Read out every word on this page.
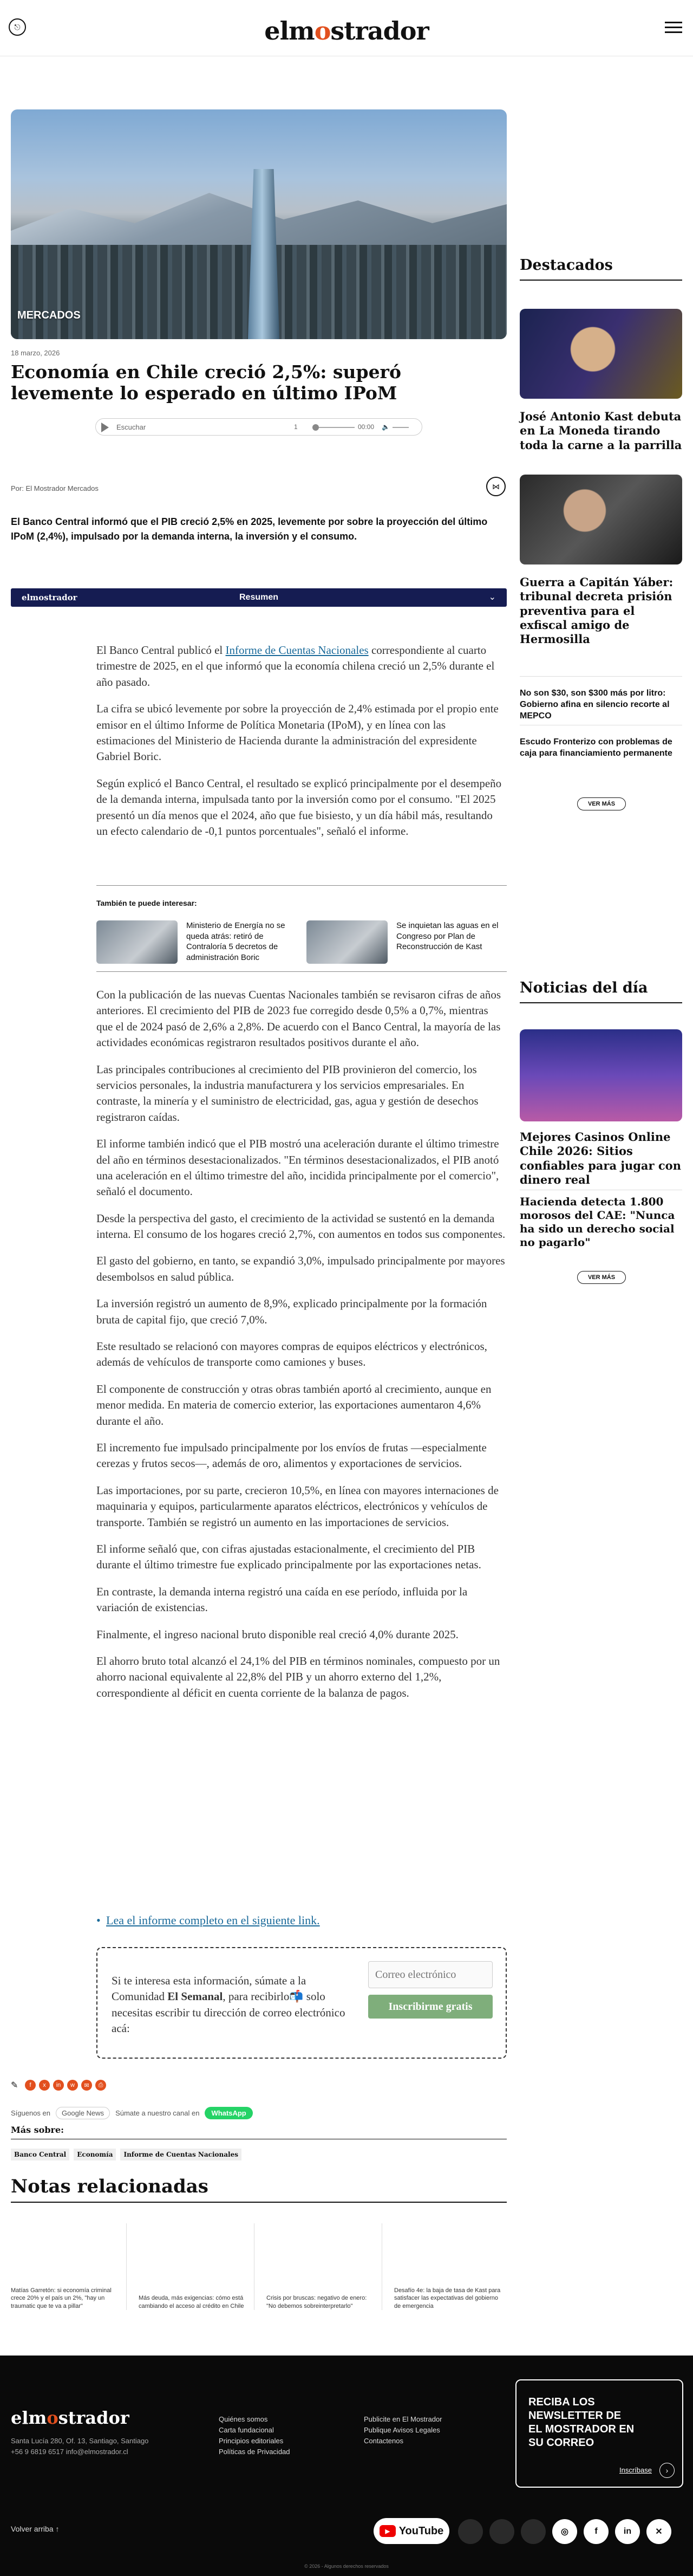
⎋	elmostrador
MERCADOS
18 marzo, 2026
Economía en Chile creció 2,5%: superó levemente lo esperado en último IPoM
Escuchar	1	00:00 🔈
Por: El Mostrador Mercados	⋈

El Banco Central informó que el PIB creció 2,5% en 2025, levemente por sobre la proyección del último IPoM (2,4%), impulsado por la demanda interna, la inversión y el consumo.

elmostrador	Resumen	⌄

El Banco Central publicó el Informe de Cuentas Nacionales correspondiente al cuarto trimestre de 2025, en el que informó que la economía chilena creció un 2,5% durante el año pasado.

La cifra se ubicó levemente por sobre la proyección de 2,4% estimada por el propio ente emisor en el último Informe de Política Monetaria (IPoM), y en línea con las estimaciones del Ministerio de Hacienda durante la administración del expresidente Gabriel Boric.

Según explicó el Banco Central, el resultado se explicó principalmente por el desempeño de la demanda interna, impulsada tanto por la inversión como por el consumo. "El 2025 presentó un día menos que el 2024, año que fue bisiesto, y un día hábil más, resultando un efecto calendario de -0,1 puntos porcentuales", señaló el informe.

También te puede interesar:
Ministerio de Energía no se queda atrás: retiró de Contraloría 5 decretos de administración Boric
Se inquietan las aguas en el Congreso por Plan de Reconstrucción de Kast

Con la publicación de las nuevas Cuentas Nacionales también se revisaron cifras de años anteriores. El crecimiento del PIB de 2023 fue corregido desde 0,5% a 0,7%, mientras que el de 2024 pasó de 2,6% a 2,8%. De acuerdo con el Banco Central, la mayoría de las actividades económicas registraron resultados positivos durante el año.

Las principales contribuciones al crecimiento del PIB provinieron del comercio, los servicios personales, la industria manufacturera y los servicios empresariales. En contraste, la minería y el suministro de electricidad, gas, agua y gestión de desechos registraron caídas.

El informe también indicó que el PIB mostró una aceleración durante el último trimestre del año en términos desestacionalizados. "En términos desestacionalizados, el PIB anotó una aceleración en el último trimestre del año, incidida principalmente por el comercio", señaló el documento.

Desde la perspectiva del gasto, el crecimiento de la actividad se sustentó en la demanda interna. El consumo de los hogares creció 2,7%, con aumentos en todos sus componentes.

El gasto del gobierno, en tanto, se expandió 3,0%, impulsado principalmente por mayores desembolsos en salud pública.

La inversión registró un aumento de 8,9%, explicado principalmente por la formación bruta de capital fijo, que creció 7,0%.

Este resultado se relacionó con mayores compras de equipos eléctricos y electrónicos, además de vehículos de transporte como camiones y buses.

El componente de construcción y otras obras también aportó al crecimiento, aunque en menor medida. En materia de comercio exterior, las exportaciones aumentaron 4,6% durante el año.

El incremento fue impulsado principalmente por los envíos de frutas —especialmente cerezas y frutos secos—, además de oro, alimentos y exportaciones de servicios.

Las importaciones, por su parte, crecieron 10,5%, en línea con mayores internaciones de maquinaria y equipos, particularmente aparatos eléctricos, electrónicos y vehículos de transporte. También se registró un aumento en las importaciones de servicios.

El informe señaló que, con cifras ajustadas estacionalmente, el crecimiento del PIB durante el último trimestre fue explicado principalmente por las exportaciones netas.

En contraste, la demanda interna registró una caída en ese período, influida por la variación de existencias.

Finalmente, el ingreso nacional bruto disponible real creció 4,0% durante 2025.

El ahorro bruto total alcanzó el 24,1% del PIB en términos nominales, compuesto por un ahorro nacional equivalente al 22,8% del PIB y un ahorro externo del 1,2%, correspondiente al déficit en cuenta corriente de la balanza de pagos.

• Lea el informe completo en el siguiente link.
Si te interesa esta información, súmate a la Comunidad El Semanal, para recibirlo📬 solo necesitas escribir tu dirección de correo electrónico acá:
Correo electrónico
Inscribirme gratis
✎	f	x	in	w	✉	⎙
Síguenos en	Google News	Súmate a nuestro canal en	WhatsApp
Más sobre:
Banco Central	Economía	Informe de Cuentas Nacionales
Notas relacionadas
Matías Garretón: si economía criminal crece 20% y el país un 2%, "hay un traumatic que te va a pillar"
Más deuda, más exigencias: cómo está cambiando el acceso al crédito en Chile
Crisis por bruscas: negativo de enero: "No debemos sobreinterpretarlo"
Desafío 4e: la baja de tasa de Kast para satisfacer las expectativas del gobierno de emergencia
Destacados
José Antonio Kast debuta en La Moneda tirando toda la carne a la parrilla
Guerra a Capitán Yáber: tribunal decreta prisión preventiva para el exfiscal amigo de Hermosilla
No son $30, son $300 más por litro: Gobierno afina en silencio recorte al MEPCO
Escudo Fronterizo con problemas de caja para financiamiento permanente
VER MÁS
Noticias del día
Mejores Casinos Online Chile 2026: Sitios confiables para jugar con dinero real
Hacienda detecta 1.800 morosos del CAE: "Nunca ha sido un derecho social no pagarlo"
VER MÁS
elmostrador
Santa Lucía 280, Of. 13, Santiago, Santiago
+56 9 6819 6517 info@elmostrador.cl
Quiénes somos
Carta fundacional
Principios editoriales
Políticas de Privacidad
Publicite en El Mostrador
Publique Avisos Legales
Contactenos
RECIBA LOS NEWSLETTER DE EL MOSTRADOR EN SU CORREO
Inscríbase	›
Volver arriba ↑	▶ YouTube	◎	f	in	✕
© 2026 - Algunos derechos reservados
